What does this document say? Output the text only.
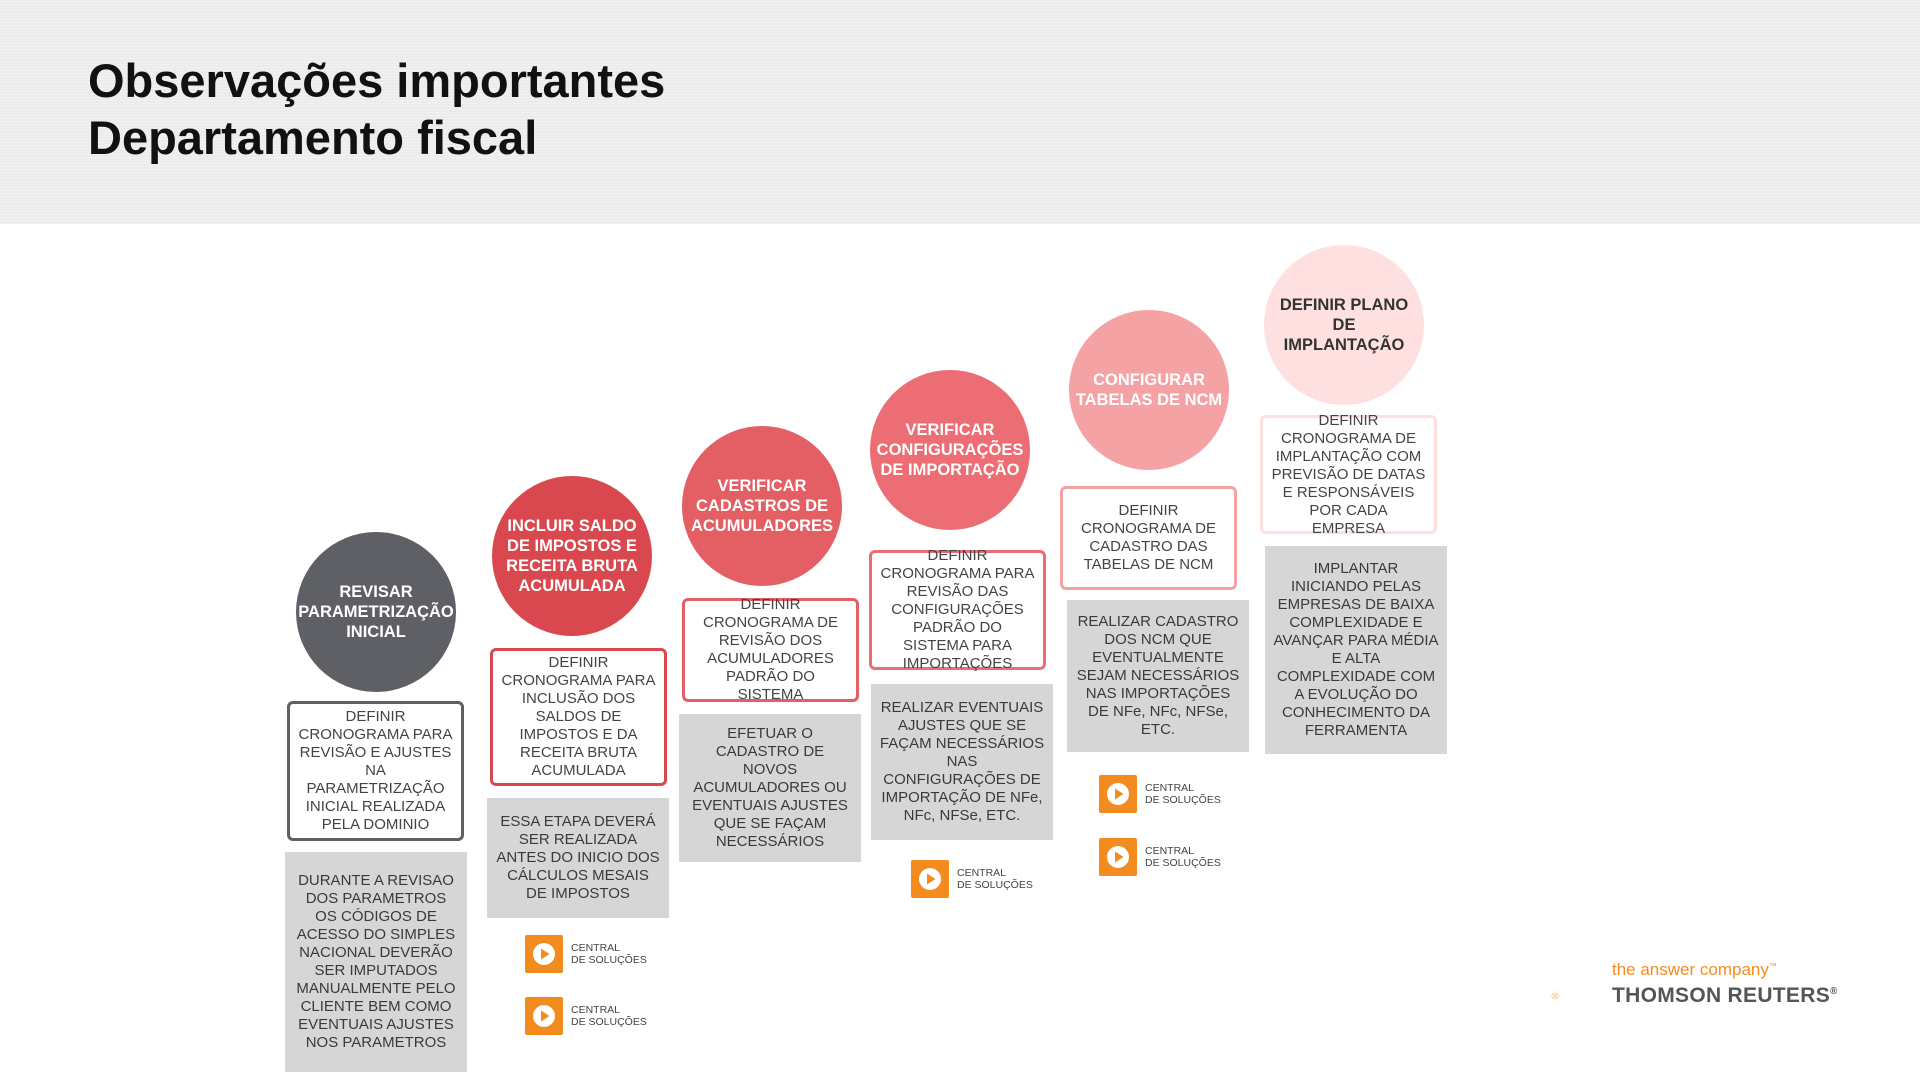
Observações importantes
Departamento fiscal
REVISAR PARAMETRIZAÇÃO INICIAL
DEFINIR CRONOGRAMA PARA REVISÃO E AJUSTES NA PARAMETRIZAÇÃO INICIAL REALIZADA PELA DOMINIO
DURANTE A REVISAO DOS PARAMETROS OS CÓDIGOS DE ACESSO DO SIMPLES NACIONAL DEVERÃO SER IMPUTADOS MANUALMENTE PELO CLIENTE BEM COMO EVENTUAIS AJUSTES NOS PARAMETROS
INCLUIR SALDO DE IMPOSTOS E RECEITA BRUTA ACUMULADA
DEFINIR CRONOGRAMA PARA INCLUSÃO DOS SALDOS DE IMPOSTOS E DA RECEITA BRUTA ACUMULADA
ESSA ETAPA DEVERÁ SER REALIZADA ANTES DO INICIO DOS CÁLCULOS MESAIS DE IMPOSTOS
CENTRAL
DE SOLUÇÕES
CENTRAL
DE SOLUÇÕES
VERIFICAR CADASTROS DE ACUMULADORES
DEFINIR CRONOGRAMA DE REVISÃO DOS ACUMULADORES PADRÃO DO SISTEMA
EFETUAR O CADASTRO DE NOVOS ACUMULADORES OU EVENTUAIS AJUSTES QUE SE FAÇAM NECESSÁRIOS
VERIFICAR CONFIGURAÇÕES DE IMPORTAÇÃO
DEFINIR CRONOGRAMA PARA REVISÃO DAS CONFIGURAÇÕES PADRÃO DO SISTEMA PARA IMPORTAÇÕES
REALIZAR EVENTUAIS AJUSTES QUE SE FAÇAM NECESSÁRIOS NAS CONFIGURAÇÕES DE IMPORTAÇÃO DE NFe, NFc, NFSe, ETC.
CENTRAL
DE SOLUÇÕES
CONFIGURAR TABELAS DE NCM
DEFINIR CRONOGRAMA DE CADASTRO DAS TABELAS DE NCM
REALIZAR CADASTRO DOS NCM QUE EVENTUALMENTE SEJAM NECESSÁRIOS NAS IMPORTAÇÕES DE NFe, NFc, NFSe, ETC.
CENTRAL
DE SOLUÇÕES
CENTRAL
DE SOLUÇÕES
DEFINIR PLANO DE IMPLANTAÇÃO
DEFINIR CRONOGRAMA DE IMPLANTAÇÃO COM PREVISÃO DE DATAS E RESPONSÁVEIS POR CADA EMPRESA
IMPLANTAR INICIANDO PELAS EMPRESAS DE BAIXA COMPLEXIDADE E AVANÇAR PARA MÉDIA E ALTA COMPLEXIDADE COM A EVOLUÇÃO DO CONHECIMENTO DA FERRAMENTA
the answer company™
THOMSON REUTERS®
